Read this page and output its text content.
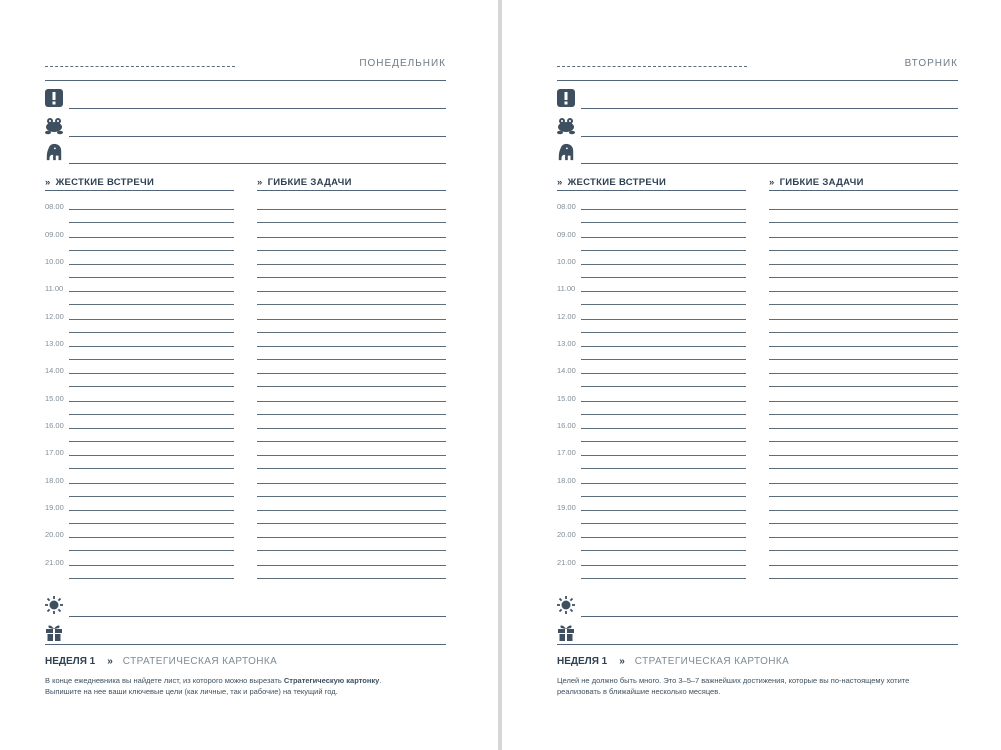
ПОНЕДЕЛЬНИК
» ЖЕСТКИЕ ВСТРЕЧИ	» ГИБКИЕ ЗАДАЧИ
08.00
09.00
10.00
11.00
12.00
13.00
14.00
15.00
16.00
17.00
18.00
19.00
20.00
21.00
НЕДЕЛЯ 1 » СТРАТЕГИЧЕСКАЯ КАРТОНКА
В конце ежедневника вы найдете лист, из которого можно вырезать Стратегическую картонку.
Выпишите на нее ваши ключевые цели (как личные, так и рабочие) на текущий год.
ВТОРНИК
» ЖЕСТКИЕ ВСТРЕЧИ	» ГИБКИЕ ЗАДАЧИ
08.00
09.00
10.00
11.00
12.00
13.00
14.00
15.00
16.00
17.00
18.00
19.00
20.00
21.00
НЕДЕЛЯ 1 » СТРАТЕГИЧЕСКАЯ КАРТОНКА
Целей не должно быть много. Это 3–5–7 важнейших достижения, которые вы по-настоящему хотите
реализовать в ближайшие несколько месяцев.
